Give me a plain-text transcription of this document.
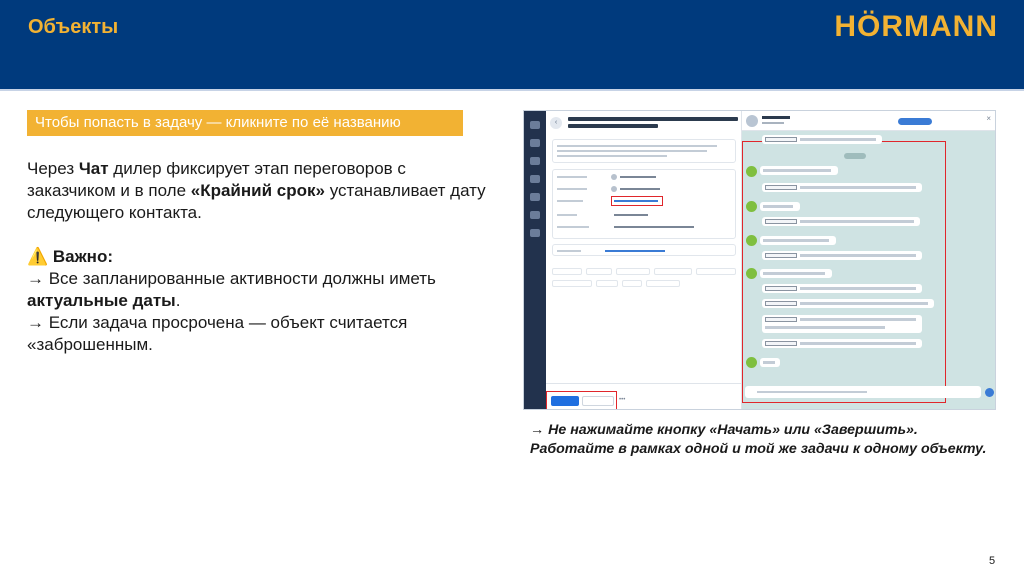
Объекты	HÖRMANN
Чтобы попасть в задачу — кликните по её названию

Через Чат дилер фиксирует этап переговоров с заказчиком и в поле «Крайний срок» устанавливает дату следующего контакта.

⚠️ Важно:

→ Все запланированные активности должны иметь актуальные даты.

→ Если задача просрочена — объект считается «заброшенным.

‹
•••
×

→ Не нажимайте кнопку «Начать» или «Завершить».

Работайте в рамках одной и той же задачи к одному объекту.

5
